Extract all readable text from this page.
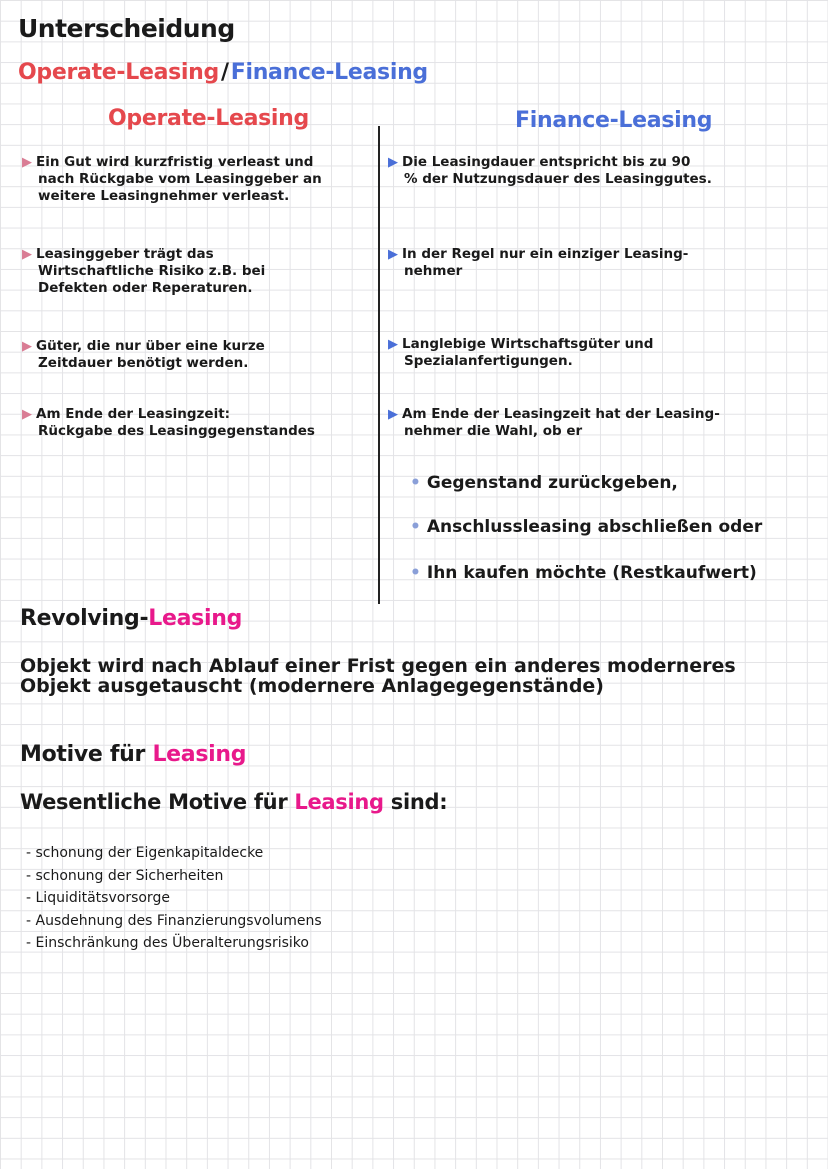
Unterscheidung
Operate-Leasing/Finance-Leasing
Operate-Leasing	Finance-Leasing
▶ Ein Gut wird kurzfristig verleast und
nach Rückgabe vom Leasinggeber an
weitere Leasingnehmer verleast.
▶ Leasinggeber trägt das
Wirtschaftliche Risiko z.B. bei
Defekten oder Reperaturen.
▶ Güter, die nur über eine kurze
Zeitdauer benötigt werden.
▶ Am Ende der Leasingzeit:
Rückgabe des Leasinggegenstandes
▶ Die Leasingdauer entspricht bis zu 90
% der Nutzungsdauer des Leasinggutes.
▶ In der Regel nur ein einziger Leasing-
nehmer
▶ Langlebige Wirtschaftsgüter und
Spezialanfertigungen.
▶ Am Ende der Leasingzeit hat der Leasing-
nehmer die Wahl, ob er
• Gegenstand zurückgeben,
• Anschlussleasing abschließen oder
• Ihn kaufen möchte (Restkaufwert)
Revolving-Leasing
Objekt wird nach Ablauf einer Frist gegen ein anderes moderneres
Objekt ausgetauscht (modernere Anlagegegenstände)
Motive für Leasing
Wesentliche Motive für Leasing sind:
- schonung der Eigenkapitaldecke
- schonung der Sicherheiten
- Liquiditätsvorsorge
- Ausdehnung des Finanzierungsvolumens
- Einschränkung des Überalterungsrisiko
